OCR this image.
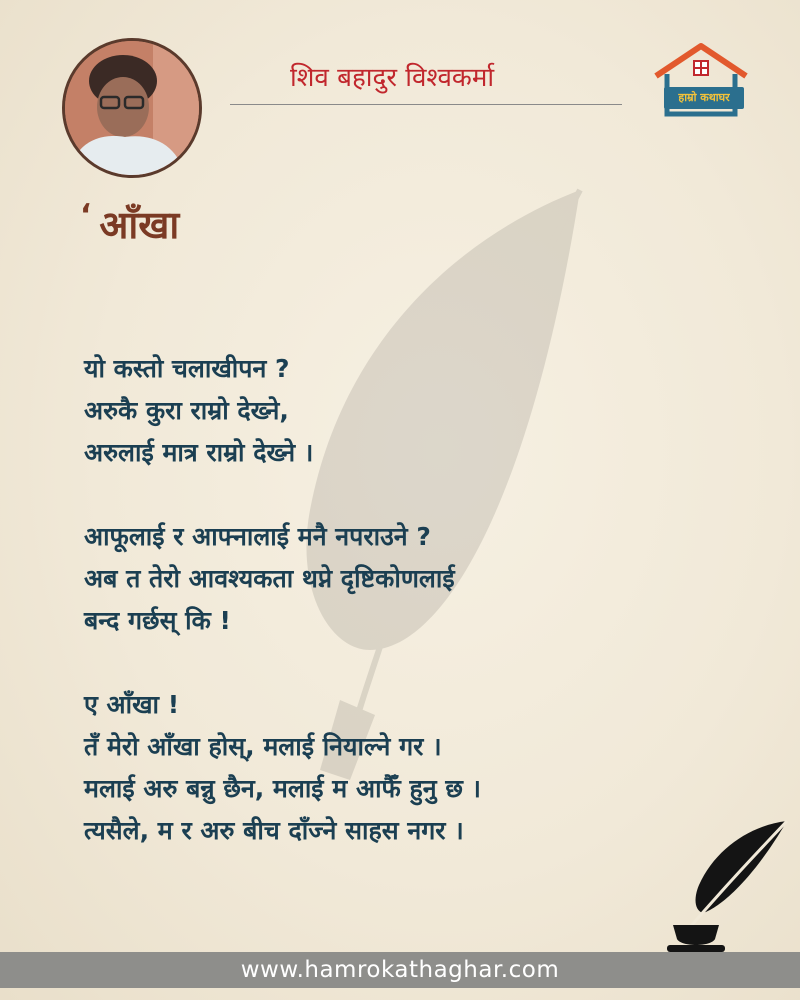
शिव बहादुर विश्वकर्मा
हाम्रो कथाघर
‘ आँखा
यो कस्तो चलाखीपन ?
अरुकै कुरा राम्रो देख्ने,
अरुलाई मात्र राम्रो देख्ने ।
आफूलाई र आफ्नालाई मनै नपराउने ?
अब त तेरो आवश्यकता थप्ने दृष्टिकोणलाई
बन्द गर्छस् कि !
ए आँखा !
तँ मेरो आँखा होस्, मलाई नियाल्ने गर ।
मलाई अरु बन्नु छैन, मलाई म आफैँ हुनु छ ।
त्यसैले, म र अरु बीच दाँज्ने साहस नगर ।
www.hamrokathaghar.com
